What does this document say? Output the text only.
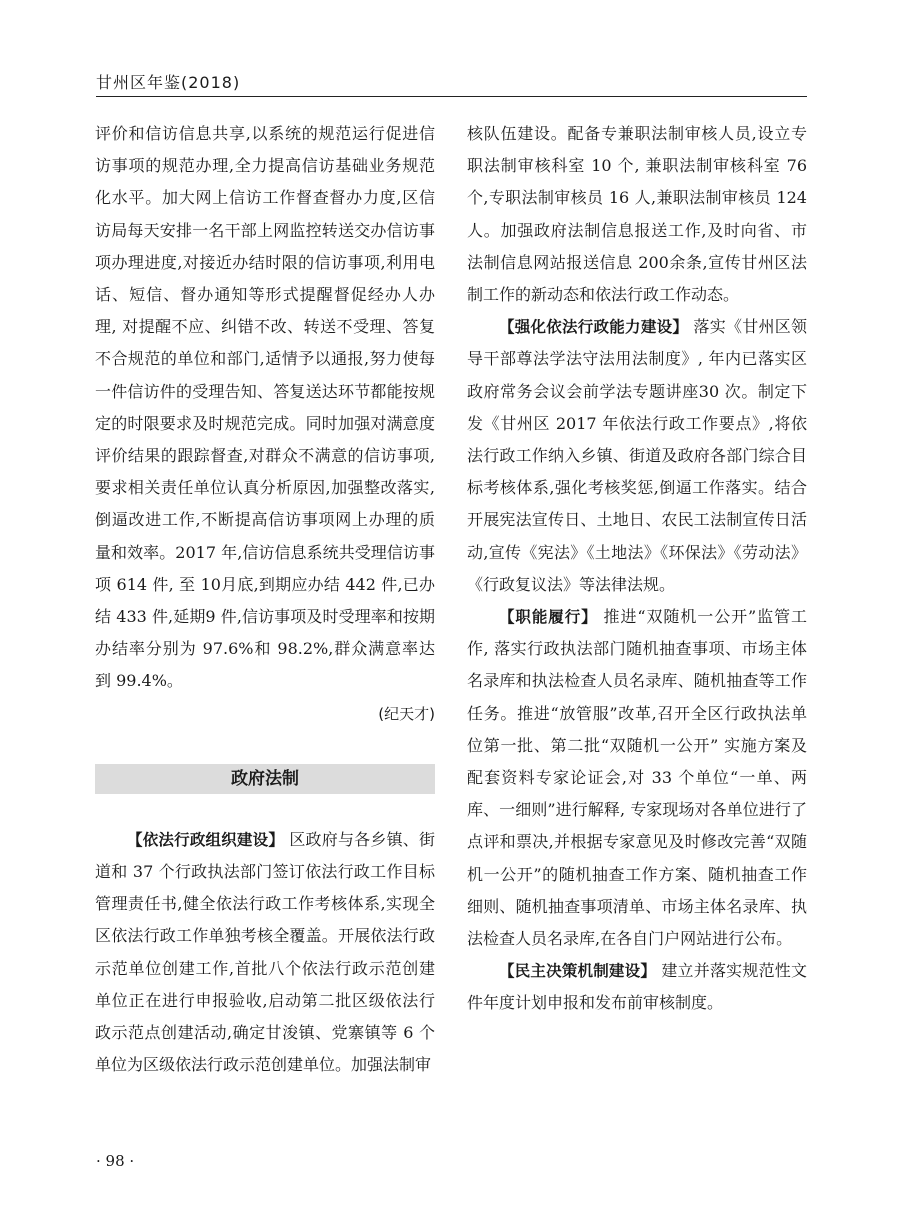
甘州区年鉴(2018)

评价和信访信息共享,以系统的规范运行促进信访事项的规范办理,全力提高信访基础业务规范化水平。加大网上信访工作督查督办力度,区信访局每天安排一名干部上网监控转送交办信访事项办理进度,对接近办结时限的信访事项,利用电话、短信、督办通知等形式提醒督促经办人办理, 对提醒不应、纠错不改、转送不受理、答复不合规范的单位和部门,适情予以通报,努力使每一件信访件的受理告知、答复送达环节都能按规定的时限要求及时规范完成。同时加强对满意度评价结果的跟踪督查,对群众不满意的信访事项, 要求相关责任单位认真分析原因,加强整改落实,倒逼改进工作,不断提高信访事项网上办理的质量和效率。2017 年,信访信息系统共受理信访事项 614 件, 至 10月底,到期应办结 442 件,已办结 433 件,延期9 件,信访事项及时受理率和按期办结率分别为 97.6%和 98.2%,群众满意率达到 99.4%。

(纪天才)

政府法制

【依法行政组织建设】 区政府与各乡镇、街道和 37 个行政执法部门签订依法行政工作目标管理责任书,健全依法行政工作考核体系,实现全区依法行政工作单独考核全覆盖。开展依法行政示范单位创建工作,首批八个依法行政示范创建单位正在进行申报验收,启动第二批区级依法行政示范点创建活动,确定甘浚镇、党寨镇等 6 个单位为区级依法行政示范创建单位。加强法制审

核队伍建设。配备专兼职法制审核人员,设立专职法制审核科室 10 个, 兼职法制审核科室 76 个,专职法制审核员 16 人,兼职法制审核员 124 人。加强政府法制信息报送工作,及时向省、市法制信息网站报送信息 200余条,宣传甘州区法制工作的新动态和依法行政工作动态。

【强化依法行政能力建设】 落实《甘州区领导干部尊法学法守法用法制度》, 年内已落实区政府常务会议会前学法专题讲座30 次。制定下发《甘州区 2017 年依法行政工作要点》,将依法行政工作纳入乡镇、街道及政府各部门综合目标考核体系,强化考核奖惩,倒逼工作落实。结合开展宪法宣传日、土地日、农民工法制宣传日活动,宣传《宪法》《土地法》《环保法》《劳动法》《行政复议法》等法律法规。

【职能履行】 推进“双随机一公开”监管工作, 落实行政执法部门随机抽查事项、市场主体名录库和执法检查人员名录库、随机抽查等工作任务。推进“放管服”改革,召开全区行政执法单位第一批、第二批“双随机一公开” 实施方案及配套资料专家论证会,对 33 个单位“一单、两库、一细则”进行解释, 专家现场对各单位进行了点评和票决,并根据专家意见及时修改完善“双随机一公开”的随机抽查工作方案、随机抽查工作细则、随机抽查事项清单、市场主体名录库、执法检查人员名录库,在各自门户网站进行公布。

【民主决策机制建设】 建立并落实规范性文件年度计划申报和发布前审核制度。

· 98 ·
